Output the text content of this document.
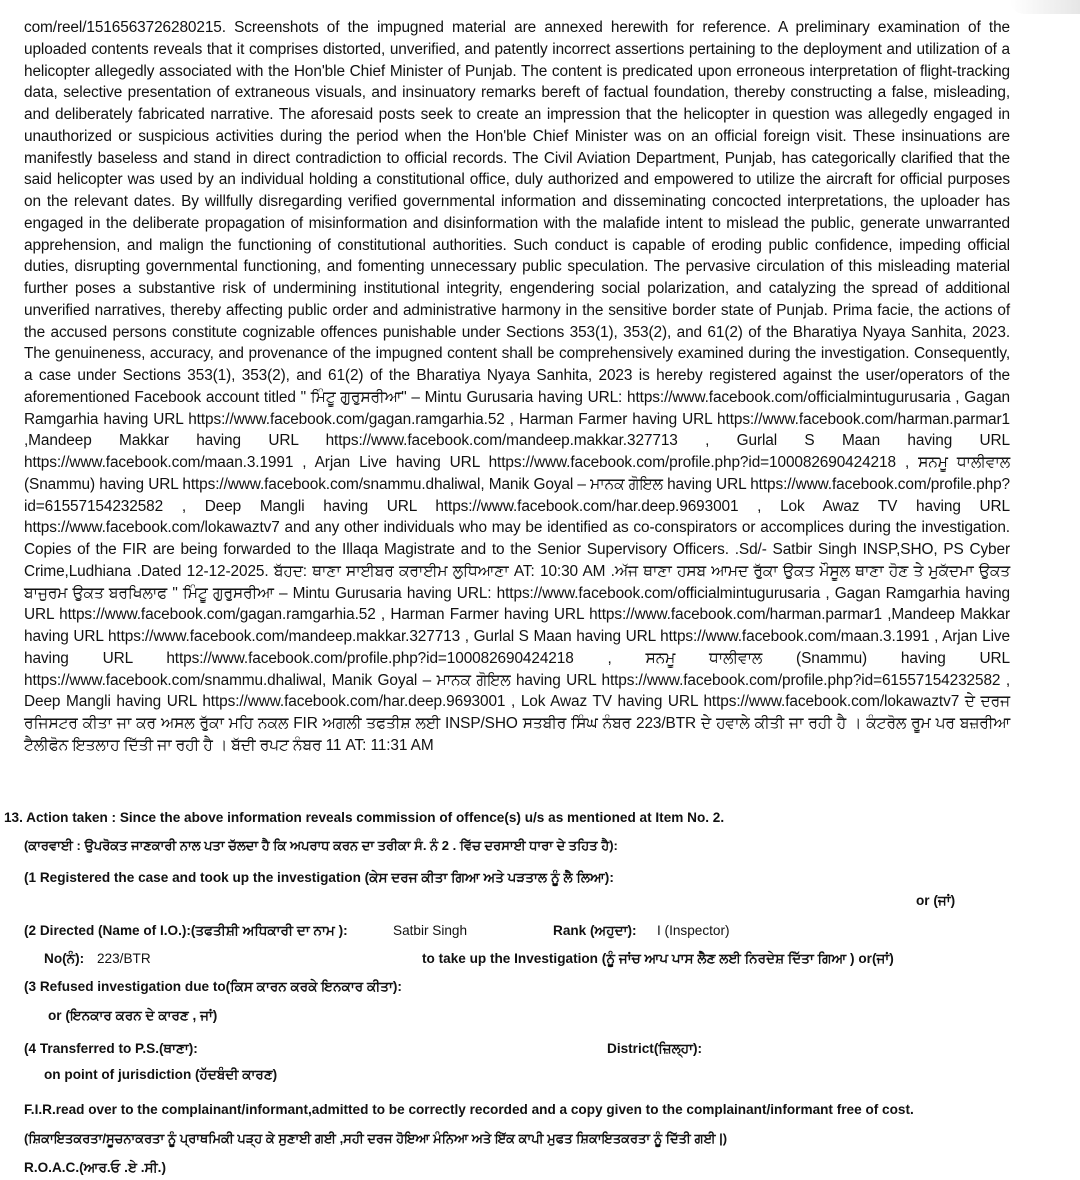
com/reel/1516563726280215. Screenshots of the impugned material are annexed herewith for reference. A preliminary examination of the uploaded contents reveals that it comprises distorted, unverified, and patently incorrect assertions pertaining to the deployment and utilization of a helicopter allegedly associated with the Hon'ble Chief Minister of Punjab. The content is predicated upon erroneous interpretation of flight-tracking data, selective presentation of extraneous visuals, and insinuatory remarks bereft of factual foundation, thereby constructing a false, misleading, and deliberately fabricated narrative. The aforesaid posts seek to create an impression that the helicopter in question was allegedly engaged in unauthorized or suspicious activities during the period when the Hon'ble Chief Minister was on an official foreign visit. These insinuations are manifestly baseless and stand in direct contradiction to official records. The Civil Aviation Department, Punjab, has categorically clarified that the said helicopter was used by an individual holding a constitutional office, duly authorized and empowered to utilize the aircraft for official purposes on the relevant dates. By willfully disregarding verified governmental information and disseminating concocted interpretations, the uploader has engaged in the deliberate propagation of misinformation and disinformation with the malafide intent to mislead the public, generate unwarranted apprehension, and malign the functioning of constitutional authorities. Such conduct is capable of eroding public confidence, impeding official duties, disrupting governmental functioning, and fomenting unnecessary public speculation. The pervasive circulation of this misleading material further poses a substantive risk of undermining institutional integrity, engendering social polarization, and catalyzing the spread of additional unverified narratives, thereby affecting public order and administrative harmony in the sensitive border state of Punjab. Prima facie, the actions of the accused persons constitute cognizable offences punishable under Sections 353(1), 353(2), and 61(2) of the Bharatiya Nyaya Sanhita, 2023. The genuineness, accuracy, and provenance of the impugned content shall be comprehensively examined during the investigation. Consequently, a case under Sections 353(1), 353(2), and 61(2) of the Bharatiya Nyaya Sanhita, 2023 is hereby registered against the user/operators of the aforementioned Facebook account titled " ਮਿੰਟੂ ਗੁਰੁਸਰੀਆ" – Mintu Gurusaria having URL: https://www.facebook.com/officialmintugurusaria , Gagan Ramgarhia having URL https://www.facebook.com/gagan.ramgarhia.52 , Harman Farmer having URL https://www.facebook.com/harman.parmar1 ,Mandeep Makkar having URL https://www.facebook.com/mandeep.makkar.327713 , Gurlal S Maan having URL https://www.facebook.com/maan.3.1991 , Arjan Live having URL https://www.facebook.com/profile.php?id=100082690424218 , ਸਨਮੂ ਧਾਲੀਵਾਲ (Snammu) having URL https://www.facebook.com/snammu.dhaliwal, Manik Goyal – ਮਾਨਕ ਗੋਇਲ having URL https://www.facebook.com/profile.php?id=61557154232582 , Deep Mangli having URL https://www.facebook.com/har.deep.9693001 , Lok Awaz TV having URL https://www.facebook.com/lokawaztv7 and any other individuals who may be identified as co-conspirators or accomplices during the investigation. Copies of the FIR are being forwarded to the Illaqa Magistrate and to the Senior Supervisory Officers. .Sd/- Satbir Singh INSP,SHO, PS Cyber Crime,Ludhiana .Dated 12-12-2025. ਬੱਹਦ: ਥਾਣਾ ਸਾਈਬਰ ਕਰਾਈਮ ਲੁਧਿਆਣਾ AT: 10:30 AM .ਅੱਜ ਥਾਣਾ ਹਸਬ ਆਮਦ ਰੁੱਕਾ ਉਕਤ ਮੌਸੂਲ ਥਾਣਾ ਹੋਣ ਤੇ ਮੁਕੱਦਮਾ ਉਕਤ ਬਾਜੁਰਮ ਉਕਤ ਬਰਖਿਲਾਫ " ਮਿੰਟੂ ਗੁਰੁਸਰੀਆ – Mintu Gurusaria having URL: https://www.facebook.com/officialmintugurusaria , Gagan Ramgarhia having URL https://www.facebook.com/gagan.ramgarhia.52 , Harman Farmer having URL https://www.facebook.com/harman.parmar1 ,Mandeep Makkar having URL https://www.facebook.com/mandeep.makkar.327713 , Gurlal S Maan having URL https://www.facebook.com/maan.3.1991 , Arjan Live having URL https://www.facebook.com/profile.php?id=100082690424218 , ਸਨਮੂ ਧਾਲੀਵਾਲ (Snammu) having URL https://www.facebook.com/snammu.dhaliwal, Manik Goyal – ਮਾਨਕ ਗੋਇਲ having URL https://www.facebook.com/profile.php?id=61557154232582 , Deep Mangli having URL https://www.facebook.com/har.deep.9693001 , Lok Awaz TV having URL https://www.facebook.com/lokawaztv7 ਦੇ ਦਰਜ ਰਜਿਸਟਰ ਕੀਤਾ ਜਾ ਕਰ ਅਸਲ ਰੁੱਕਾ ਮਹਿ ਨਕਲ FIR ਅਗਲੀ ਤਫਤੀਸ਼ ਲਈ INSP/SHO ਸਤਬੀਰ ਸਿੰਘ ਨੰਬਰ 223/BTR ਦੇ ਹਵਾਲੇ ਕੀਤੀ ਜਾ ਰਹੀ ਹੈ । ਕੰਟਰੋਲ ਰੂਮ ਪਰ ਬਜ਼ਰੀਆ ਟੈਲੀਫੋਨ ਇਤਲਾਹ ਦਿੱਤੀ ਜਾ ਰਹੀ ਹੈ । ਬੱਦੀ ਰਪਟ ਨੰਬਰ 11 AT: 11:31 AM

13. Action taken : Since the above information reveals commission of offence(s) u/s as mentioned at Item No. 2.
(ਕਾਰਵਾਈ : ਉਪਰੋਕਤ ਜਾਣਕਾਰੀ ਨਾਲ ਪਤਾ ਚੱਲਦਾ ਹੈ ਕਿ ਅਪਰਾਧ ਕਰਨ ਦਾ ਤਰੀਕਾ ਸੰ. ਨੰ 2 . ਵਿੱਚ ਦਰਸਾਈ ਧਾਰਾ ਦੇ ਤਹਿਤ ਹੈ):
(1 Registered the case and took up the investigation (ਕੇਸ ਦਰਜ ਕੀਤਾ ਗਿਆ ਅਤੇ ਪੜਤਾਲ ਨੂੰ ਲੈ ਲਿਆ):
or (ਜਾਂ)
(2 Directed (Name of I.O.):(ਤਫਤੀਸ਼ੀ ਅਧਿਕਾਰੀ ਦਾ ਨਾਮ ):	Satbir Singh	Rank (ਅਹੁਦਾ): I (Inspector)
No(ਨੰ): 223/BTR	to take up the Investigation (ਨੂੰ ਜਾਂਚ ਆਪ ਪਾਸ ਲੈਣ ਲਈ ਨਿਰਦੇਸ਼ ਦਿੱਤਾ ਗਿਆ ) or(ਜਾਂ)
(3 Refused investigation due to(ਕਿਸ ਕਾਰਨ ਕਰਕੇ ਇਨਕਾਰ ਕੀਤਾ):
or (ਇਨਕਾਰ ਕਰਨ ਦੇ ਕਾਰਣ , ਜਾਂ)
(4 Transferred to P.S.(ਥਾਣਾ):	District(ਜ਼ਿਲ੍ਹਾ):
on point of jurisdiction (ਹੱਦਬੰਦੀ ਕਾਰਣ)
F.I.R.read over to the complainant/informant,admitted to be correctly recorded and a copy given to the complainant/informant free of cost.
(ਸ਼ਿਕਾਇਤਕਰਤਾ/ਸੂਚਨਾਕਰਤਾ ਨੂੰ ਪ੍ਰਾਥਮਿਕੀ ਪੜ੍ਹ ਕੇ ਸੁਣਾਈ ਗਈ ,ਸਹੀ ਦਰਜ ਹੋਇਆ ਮੰਨਿਆ ਅਤੇ ਇੱਕ ਕਾਪੀ ਮੁਫਤ ਸ਼ਿਕਾਇਤਕਰਤਾ ਨੂੰ ਦਿੱਤੀ ਗਈ |)
R.O.A.C.(ਆਰ.ਓ .ਏ .ਸੀ.)
